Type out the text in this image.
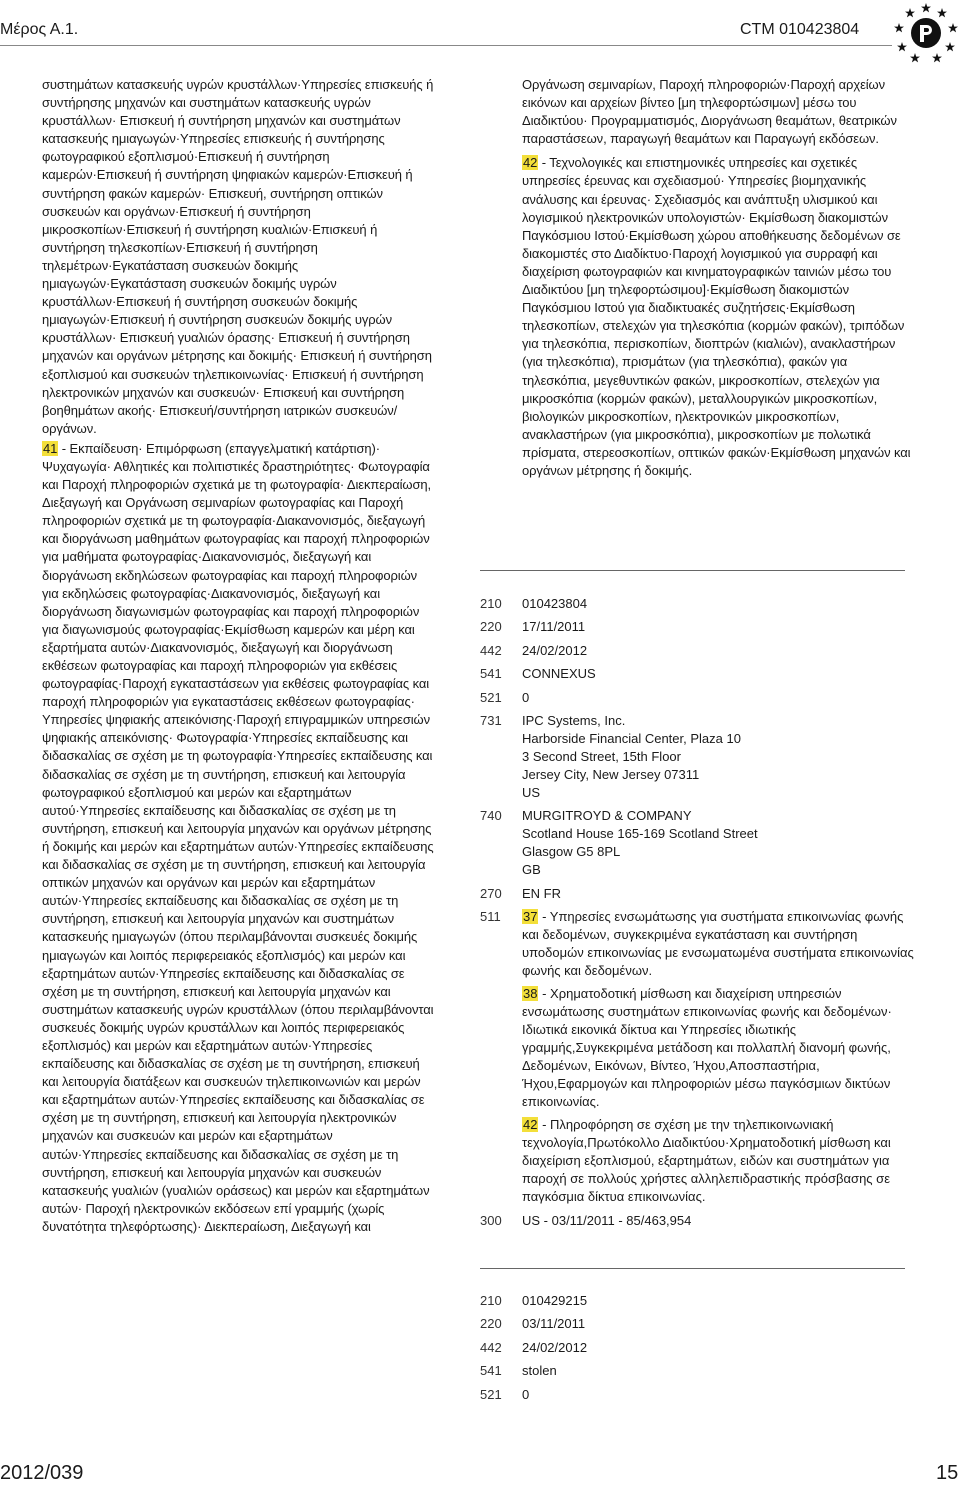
Μέρος Α.1.	CTM 010423804

συστημάτων κατασκευής υγρών κρυστάλλων·Υπηρεσίες επισκευής ή συντήρησης μηχανών και συστημάτων κατασκευής υγρών κρυστάλλων· Επισκευή ή συντήρηση μηχανών και συστημάτων κατασκευής ημιαγωγών·Υπηρεσίες επισκευής ή συντήρησης φωτογραφικού εξοπλισμού·Επισκευή ή συντήρηση καμερών·Επισκευή ή συντήρηση ψηφιακών καμερών·Επισκευή ή συντήρηση φακών καμερών· Επισκευή, συντήρηση οπτικών συσκευών και οργάνων·Επισκευή ή συντήρηση μικροσκοπίων·Επισκευή ή συντήρηση κυαλιών·Επισκευή ή συντήρηση τηλεσκοπίων·Επισκευή ή συντήρηση τηλεμέτρων·Εγκατάσταση συσκευών δοκιμής ημιαγωγών·Εγκατάσταση συσκευών δοκιμής υγρών κρυστάλλων·Επισκευή ή συντήρηση συσκευών δοκιμής ημιαγωγών·Επισκευή ή συντήρηση συσκευών δοκιμής υγρών κρυστάλλων· Επισκευή γυαλιών όρασης· Επισκευή ή συντήρηση μηχανών και οργάνων μέτρησης και δοκιμής· Επισκευή ή συντήρηση εξοπλισμού και συσκευών τηλεπικοινωνίας· Επισκευή ή συντήρηση ηλεκτρονικών μηχανών και συσκευών· Επισκευή και συντήρηση βοηθημάτων ακοής· Επισκευή/συντήρηση ιατρικών συσκευών/οργάνων.

41 - Εκπαίδευση· Επιμόρφωση (επαγγελματική κατάρτιση)· Ψυχαγωγία· Αθλητικές και πολιτιστικές δραστηριότητες· Φωτογραφία και Παροχή πληροφοριών σχετικά με τη φωτογραφία· Διεκπεραίωση, Διεξαγωγή και Οργάνωση σεμιναρίων φωτογραφίας και Παροχή πληροφοριών σχετικά με τη φωτογραφία·Διακανονισμός, διεξαγωγή και διοργάνωση μαθημάτων φωτογραφίας και παροχή πληροφοριών για μαθήματα φωτογραφίας·Διακανονισμός, διεξαγωγή και διοργάνωση εκδηλώσεων φωτογραφίας και παροχή πληροφοριών για εκδηλώσεις φωτογραφίας·Διακανονισμός, διεξαγωγή και διοργάνωση διαγωνισμών φωτογραφίας και παροχή πληροφοριών για διαγωνισμούς φωτογραφίας·Εκμίσθωση καμερών και μέρη και εξαρτήματα αυτών·Διακανονισμός, διεξαγωγή και διοργάνωση εκθέσεων φωτογραφίας και παροχή πληροφοριών για εκθέσεις φωτογραφίας·Παροχή εγκαταστάσεων για εκθέσεις φωτογραφίας και παροχή πληροφοριών για εγκαταστάσεις εκθέσεων φωτογραφίας· Υπηρεσίες ψηφιακής απεικόνισης·Παροχή επιγραμμικών υπηρεσιών ψηφιακής απεικόνισης· Φωτογραφία·Υπηρεσίες εκπαίδευσης και διδασκαλίας σε σχέση με τη φωτογραφία·Υπηρεσίες εκπαίδευσης και διδασκαλίας σε σχέση με τη συντήρηση, επισκευή και λειτουργία φωτογραφικού εξοπλισμού και μερών και εξαρτημάτων αυτού·Υπηρεσίες εκπαίδευσης και διδασκαλίας σε σχέση με τη συντήρηση, επισκευή και λειτουργία μηχανών και οργάνων μέτρησης ή δοκιμής και μερών και εξαρτημάτων αυτών·Υπηρεσίες εκπαίδευσης και διδασκαλίας σε σχέση με τη συντήρηση, επισκευή και λειτουργία οπτικών μηχανών και οργάνων και μερών και εξαρτημάτων αυτών·Υπηρεσίες εκπαίδευσης και διδασκαλίας σε σχέση με τη συντήρηση, επισκευή και λειτουργία μηχανών και συστημάτων κατασκευής ημιαγωγών (όπου περιλαμβάνονται συσκευές δοκιμής ημιαγωγών και λοιπός περιφερειακός εξοπλισμός) και μερών και εξαρτημάτων αυτών·Υπηρεσίες εκπαίδευσης και διδασκαλίας σε σχέση με τη συντήρηση, επισκευή και λειτουργία μηχανών και συστημάτων κατασκευής υγρών κρυστάλλων (όπου περιλαμβάνονται συσκευές δοκιμής υγρών κρυστάλλων και λοιπός περιφερειακός εξοπλισμός) και μερών και εξαρτημάτων αυτών·Υπηρεσίες εκπαίδευσης και διδασκαλίας σε σχέση με τη συντήρηση, επισκευή και λειτουργία διατάξεων και συσκευών τηλεπικοινωνιών και μερών και εξαρτημάτων αυτών·Υπηρεσίες εκπαίδευσης και διδασκαλίας σε σχέση με τη συντήρηση, επισκευή και λειτουργία ηλεκτρονικών μηχανών και συσκευών και μερών και εξαρτημάτων αυτών·Υπηρεσίες εκπαίδευσης και διδασκαλίας σε σχέση με τη συντήρηση, επισκευή και λειτουργία μηχανών και συσκευών κατασκευής γυαλιών (γυαλιών οράσεως) και μερών και εξαρτημάτων αυτών· Παροχή ηλεκτρονικών εκδόσεων επί γραμμής (χωρίς δυνατότητα τηλεφόρτωσης)· Διεκπεραίωση, Διεξαγωγή και

Οργάνωση σεμιναρίων, Παροχή πληροφοριών·Παροχή αρχείων εικόνων και αρχείων βίντεο [μη τηλεφορτώσιμων] μέσω του Διαδικτύου· Προγραμματισμός, Διοργάνωση θεαμάτων, θεατρικών παραστάσεων, παραγωγή θεαμάτων και Παραγωγή εκδόσεων.

42 - Τεχνολογικές και επιστημονικές υπηρεσίες και σχετικές υπηρεσίες έρευνας και σχεδιασμού· Υπηρεσίες βιομηχανικής ανάλυσης και έρευνας· Σχεδιασμός και ανάπτυξη υλισμικού και λογισμικού ηλεκτρονικών υπολογιστών· Εκμίσθωση διακομιστών Παγκόσμιου Ιστού·Εκμίσθωση χώρου αποθήκευσης δεδομένων σε διακομιστές στο Διαδίκτυο·Παροχή λογισμικού για συρραφή και διαχείριση φωτογραφιών και κινηματογραφικών ταινιών μέσω του Διαδικτύου [μη τηλεφορτώσιμου]·Εκμίσθωση διακομιστών Παγκόσμιου Ιστού για διαδικτυακές συζητήσεις·Εκμίσθωση τηλεσκοπίων, στελεχών για τηλεσκόπια (κορμών φακών), τριπόδων για τηλεσκόπια, περισκοπίων, διοπτρών (κιαλιών), ανακλαστήρων (για τηλεσκόπια), πρισμάτων (για τηλεσκόπια), φακών για τηλεσκόπια, μεγεθυντικών φακών, μικροσκοπίων, στελεχών για μικροσκόπια (κορμών φακών), μεταλλουργικών μικροσκοπίων, βιολογικών μικροσκοπίων, ηλεκτρονικών μικροσκοπίων, ανακλαστήρων (για μικροσκόπια), μικροσκοπίων με πολωτικά πρίσματα, στερεοσκοπίων, οπτικών φακών·Εκμίσθωση μηχανών και οργάνων μέτρησης ή δοκιμής.

210	010423804
220	17/11/2011
442	24/02/2012
541	CONNEXUS
521	0
731	IPC Systems, Inc.

Harborside Financial Center, Plaza 10

3 Second Street, 15th Floor

Jersey City, New Jersey 07311

US

740	MURGITROYD & COMPANY

Scotland House 165-169 Scotland Street

Glasgow G5 8PL

GB

270	EN FR
511	37 - Υπηρεσίες ενσωμάτωσης για συστήματα επικοινωνίας φωνής και δεδομένων, συγκεκριμένα εγκατάσταση και συντήρηση υποδομών επικοινωνίας με ενσωματωμένα συστήματα επικοινωνίας φωνής και δεδομένων.

38 - Χρηματοδοτική μίσθωση και διαχείριση υπηρεσιών ενσωμάτωσης συστημάτων επικοινωνίας φωνής και δεδομένων· Ιδιωτικά εικονικά δίκτυα και Υπηρεσίες ιδιωτικής γραμμής,Συγκεκριμένα μετάδοση και πολλαπλή διανομή φωνής, Δεδομένων, Εικόνων, Βίντεο, Ήχου,Αποσπαστήρια, Ήχου,Εφαρμογών και πληροφοριών μέσω παγκόσμιων δικτύων επικοινωνίας.

42 - Πληροφόρηση σε σχέση με την τηλεπικοινωνιακή τεχνολογία,Πρωτόκολλο Διαδικτύου·Χρηματοδοτική μίσθωση και διαχείριση εξοπλισμού, εξαρτημάτων, ειδών και συστημάτων για παροχή σε πολλούς χρήστες αλληλεπιδραστικής πρόσβασης σε παγκόσμια δίκτυα επικοινωνίας.

300	US - 03/11/2011 - 85/463,954
210	010429215
220	03/11/2011
442	24/02/2012
541	stolen
521	0
2012/039	15
